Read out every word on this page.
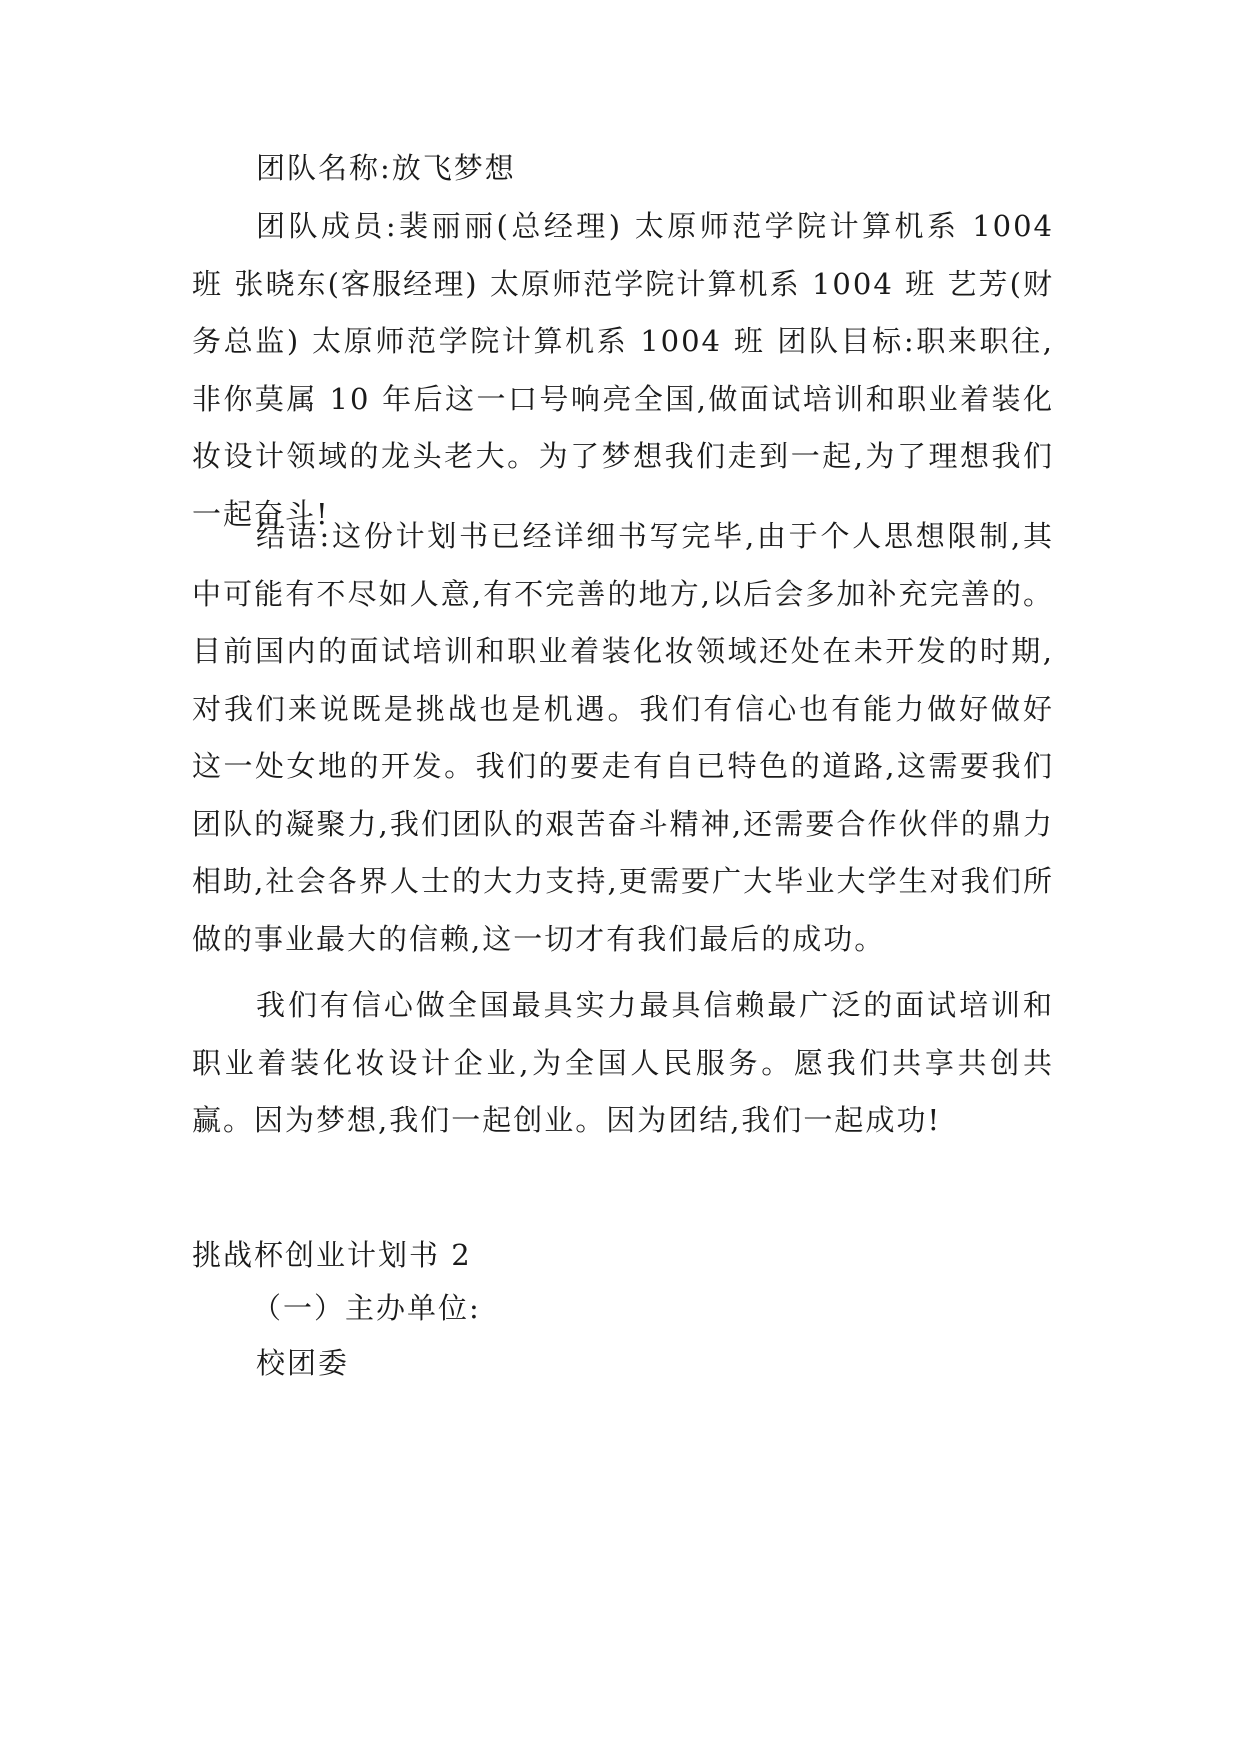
团队名称:放飞梦想

团队成员:裴丽丽(总经理) 太原师范学院计算机系 1004 班 张晓东(客服经理) 太原师范学院计算机系 1004 班 艺芳(财务总监) 太原师范学院计算机系 1004 班 团队目标:职来职往,非你莫属 10 年后这一口号响亮全国,做面试培训和职业着装化妆设计领域的龙头老大。为了梦想我们走到一起,为了理想我们一起奋斗!

结语:这份计划书已经详细书写完毕,由于个人思想限制,其中可能有不尽如人意,有不完善的地方,以后会多加补充完善的。目前国内的面试培训和职业着装化妆领域还处在未开发的时期,对我们来说既是挑战也是机遇。我们有信心也有能力做好做好这一处女地的开发。我们的要走有自已特色的道路,这需要我们团队的凝聚力,我们团队的艰苦奋斗精神,还需要合作伙伴的鼎力相助,社会各界人士的大力支持,更需要广大毕业大学生对我们所做的事业最大的信赖,这一切才有我们最后的成功。

我们有信心做全国最具实力最具信赖最广泛的面试培训和职业着装化妆设计企业,为全国人民服务。愿我们共享共创共赢。因为梦想,我们一起创业。因为团结,我们一起成功!

挑战杯创业计划书 2

（一）主办单位:

校团委
